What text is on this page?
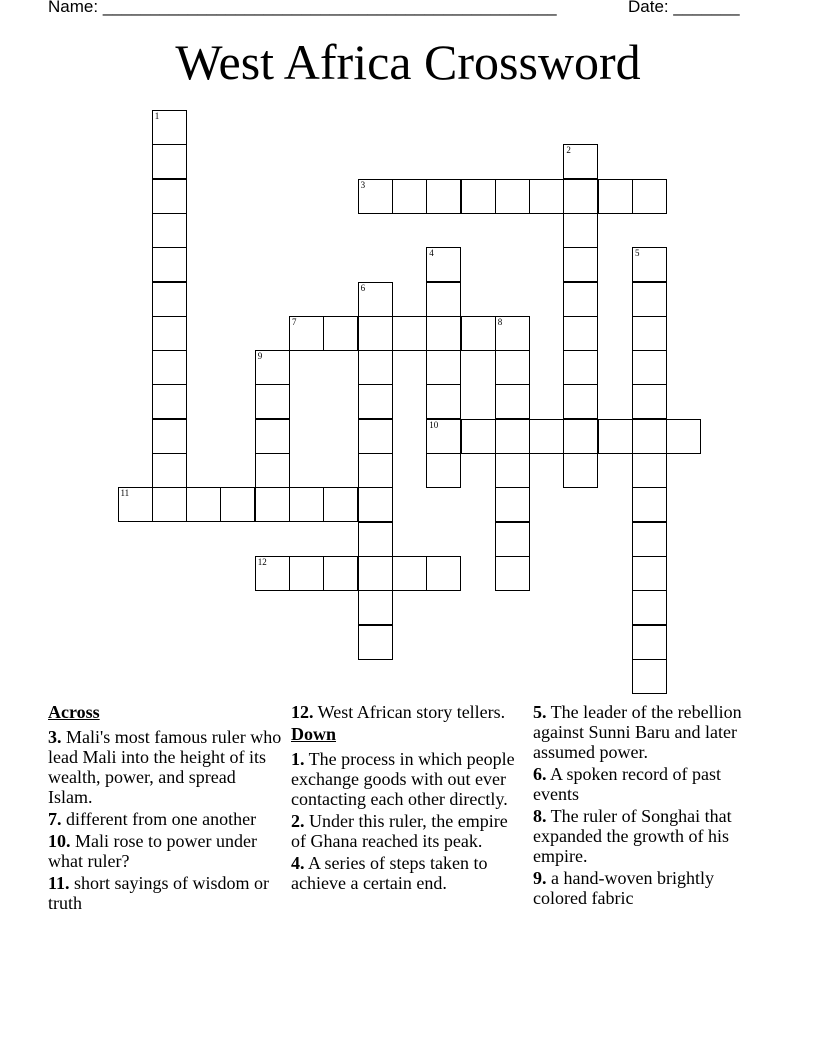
Name: ________________________________________________	Date: _______
West Africa Crossword
1
2
3
4
10
5
6
7	8
9
11
12
Across
3. Mali's most famous ruler who lead Mali into the height of its wealth, power, and spread Islam.
7. different from one another
10. Mali rose to power under what ruler?
11. short sayings of wisdom or truth
12. West African story tellers.
Down
1. The process in which people exchange goods with out ever contacting each other directly.
2. Under this ruler, the empire of Ghana reached its peak.
4. A series of steps taken to achieve a certain end.
5. The leader of the rebellion against Sunni Baru and later assumed power.
6. A spoken record of past events
8. The ruler of Songhai that expanded the growth of his empire.
9. a hand-woven brightly colored fabric
